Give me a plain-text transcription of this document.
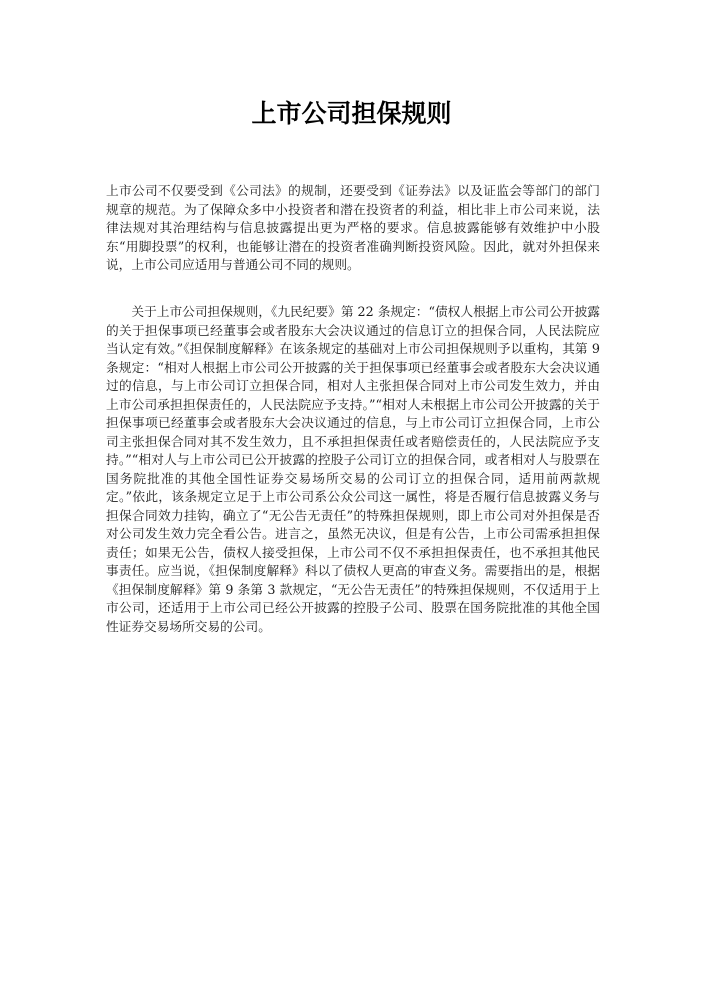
上市公司担保规则

上市公司不仅要受到《公司法》的规制，还要受到《证券法》以及证监会等部门的部门规章的规范。为了保障众多中小投资者和潜在投资者的利益，相比非上市公司来说，法律法规对其治理结构与信息披露提出更为严格的要求。信息披露能够有效维护中小股东“用脚投票”的权利，也能够让潜在的投资者准确判断投资风险。因此，就对外担保来说，上市公司应适用与普通公司不同的规则。

关于上市公司担保规则，《九民纪要》第 22 条规定：“债权人根据上市公司公开披露的关于担保事项已经董事会或者股东大会决议通过的信息订立的担保合同，人民法院应当认定有效。”《担保制度解释》在该条规定的基础对上市公司担保规则予以重构，其第 9 条规定：“相对人根据上市公司公开披露的关于担保事项已经董事会或者股东大会决议通过的信息，与上市公司订立担保合同，相对人主张担保合同对上市公司发生效力，并由上市公司承担担保责任的，人民法院应予支持。”“相对人未根据上市公司公开披露的关于担保事项已经董事会或者股东大会决议通过的信息，与上市公司订立担保合同，上市公司主张担保合同对其不发生效力，且不承担担保责任或者赔偿责任的，人民法院应予支持。”“相对人与上市公司已公开披露的控股子公司订立的担保合同，或者相对人与股票在国务院批准的其他全国性证券交易场所交易的公司订立的担保合同，适用前两款规定。”依此，该条规定立足于上市公司系公众公司这一属性，将是否履行信息披露义务与担保合同效力挂钩，确立了“无公告无责任”的特殊担保规则，即上市公司对外担保是否对公司发生效力完全看公告。进言之，虽然无决议，但是有公告，上市公司需承担担保责任；如果无公告，债权人接受担保，上市公司不仅不承担担保责任，也不承担其他民事责任。应当说，《担保制度解释》科以了债权人更高的审查义务。需要指出的是，根据《担保制度解释》第 9 条第 3 款规定，“无公告无责任”的特殊担保规则，不仅适用于上市公司，还适用于上市公司已经公开披露的控股子公司、股票在国务院批准的其他全国性证券交易场所交易的公司。
